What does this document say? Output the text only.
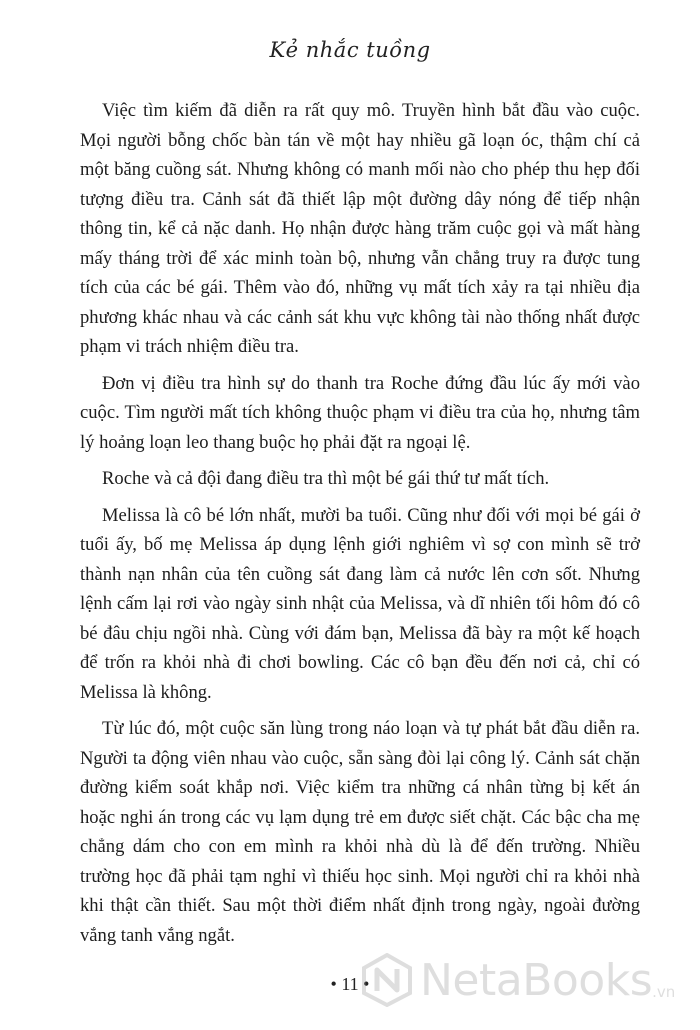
Kẻ nhắc tuồng

Việc tìm kiếm đã diễn ra rất quy mô. Truyền hình bắt đầu vào cuộc. Mọi người bỗng chốc bàn tán về một hay nhiều gã loạn óc, thậm chí cả một băng cuồng sát. Nhưng không có manh mối nào cho phép thu hẹp đối tượng điều tra. Cảnh sát đã thiết lập một đường dây nóng để tiếp nhận thông tin, kể cả nặc danh. Họ nhận được hàng trăm cuộc gọi và mất hàng mấy tháng trời để xác minh toàn bộ, nhưng vẫn chẳng truy ra được tung tích của các bé gái. Thêm vào đó, những vụ mất tích xảy ra tại nhiều địa phương khác nhau và các cảnh sát khu vực không tài nào thống nhất được phạm vi trách nhiệm điều tra.

Đơn vị điều tra hình sự do thanh tra Roche đứng đầu lúc ấy mới vào cuộc. Tìm người mất tích không thuộc phạm vi điều tra của họ, nhưng tâm lý hoảng loạn leo thang buộc họ phải đặt ra ngoại lệ.

Roche và cả đội đang điều tra thì một bé gái thứ tư mất tích.

Melissa là cô bé lớn nhất, mười ba tuổi. Cũng như đối với mọi bé gái ở tuổi ấy, bố mẹ Melissa áp dụng lệnh giới nghiêm vì sợ con mình sẽ trở thành nạn nhân của tên cuồng sát đang làm cả nước lên cơn sốt. Nhưng lệnh cấm lại rơi vào ngày sinh nhật của Melissa, và dĩ nhiên tối hôm đó cô bé đâu chịu ngồi nhà. Cùng với đám bạn, Melissa đã bày ra một kế hoạch để trốn ra khỏi nhà đi chơi bowling. Các cô bạn đều đến nơi cả, chỉ có Melissa là không.

Từ lúc đó, một cuộc săn lùng trong náo loạn và tự phát bắt đầu diễn ra. Người ta động viên nhau vào cuộc, sẵn sàng đòi lại công lý. Cảnh sát chặn đường kiểm soát khắp nơi. Việc kiểm tra những cá nhân từng bị kết án hoặc nghi án trong các vụ lạm dụng trẻ em được siết chặt. Các bậc cha mẹ chẳng dám cho con em mình ra khỏi nhà dù là để đến trường. Nhiều trường học đã phải tạm nghỉ vì thiếu học sinh. Mọi người chỉ ra khỏi nhà khi thật cần thiết. Sau một thời điểm nhất định trong ngày, ngoài đường vắng tanh vắng ngắt.

• 11 •	NetaBooks .vn
